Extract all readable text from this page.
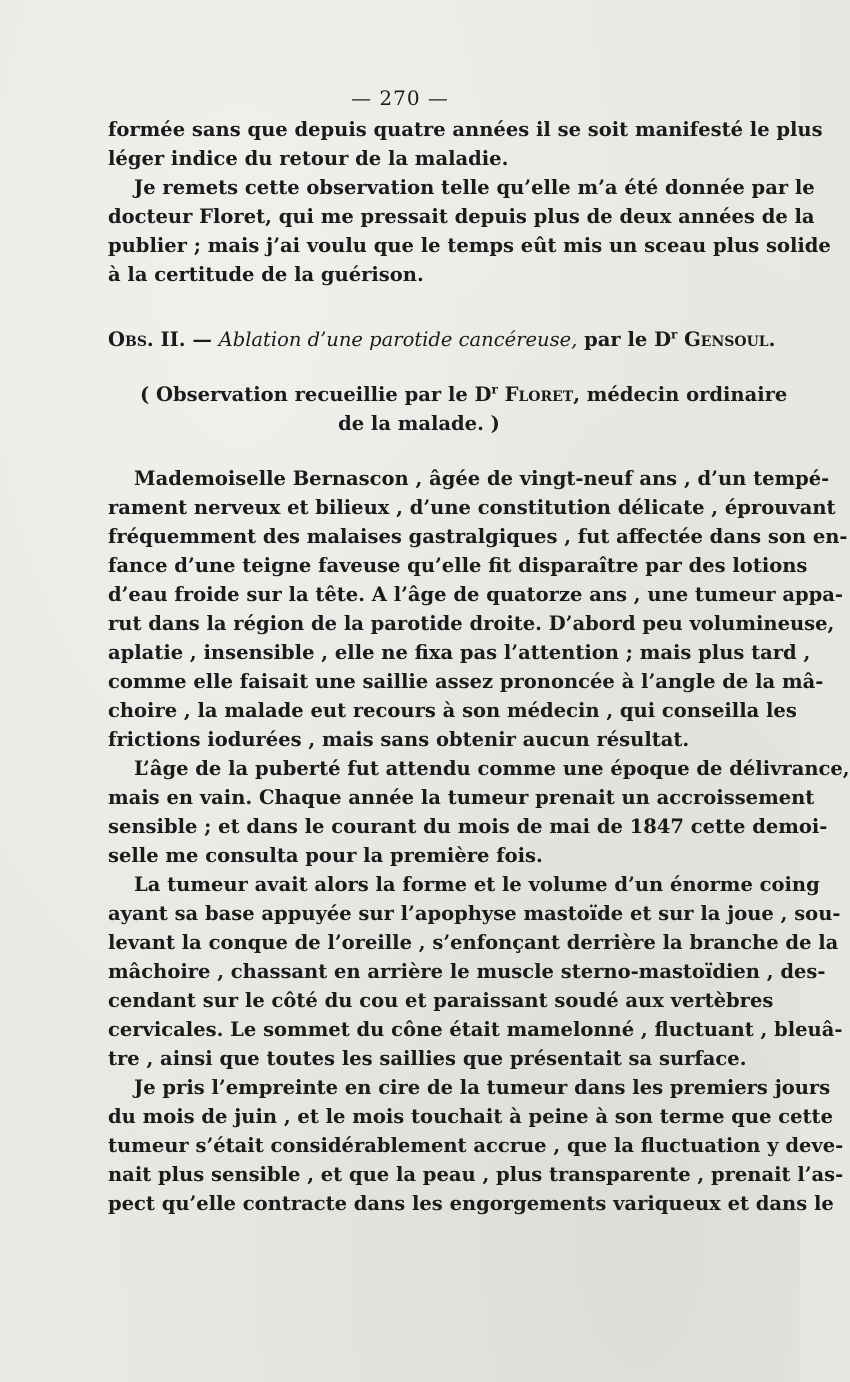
— 270 —
formée sans que depuis quatre années il se soit manifesté le plus
léger indice du retour de la maladie.
Je remets cette observation telle qu’elle m’a été donnée par le
docteur Floret, qui me pressait depuis plus de deux années de la
publier ; mais j’ai voulu que le temps eût mis un sceau plus solide
à la certitude de la guérison.
Obs. II. — Ablation d’une parotide cancéreuse, par le $D^r$ Gensoul.
( Observation recueillie par le $D^r$ Floret, médecin ordinaire
de la malade. )
Mademoiselle Bernascon , âgée de vingt-neuf ans , d’un tempé-
rament nerveux et bilieux , d’une constitution délicate , éprouvant
fréquemment des malaises gastralgiques , fut affectée dans son en-
fance d’une teigne faveuse qu’elle fit disparaître par des lotions
d’eau froide sur la tête. A l’âge de quatorze ans , une tumeur appa-
rut dans la région de la parotide droite. D’abord peu volumineuse,
aplatie , insensible , elle ne fixa pas l’attention ; mais plus tard ,
comme elle faisait une saillie assez prononcée à l’angle de la mâ-
choire , la malade eut recours à son médecin , qui conseilla les
frictions iodurées , mais sans obtenir aucun résultat.
L’âge de la puberté fut attendu comme une époque de délivrance,
mais en vain. Chaque année la tumeur prenait un accroissement
sensible ; et dans le courant du mois de mai de 1847 cette demoi-
selle me consulta pour la première fois.
La tumeur avait alors la forme et le volume d’un énorme coing
ayant sa base appuyée sur l’apophyse mastoïde et sur la joue , sou-
levant la conque de l’oreille , s’enfonçant derrière la branche de la
mâchoire , chassant en arrière le muscle sterno-mastoïdien , des-
cendant sur le côté du cou et paraissant soudé aux vertèbres
cervicales. Le sommet du cône était mamelonné , fluctuant , bleuâ-
tre , ainsi que toutes les saillies que présentait sa surface.
Je pris l’empreinte en cire de la tumeur dans les premiers jours
du mois de juin , et le mois touchait à peine à son terme que cette
tumeur s’était considérablement accrue , que la fluctuation y deve-
nait plus sensible , et que la peau , plus transparente , prenait l’as-
pect qu’elle contracte dans les engorgements variqueux et dans le
